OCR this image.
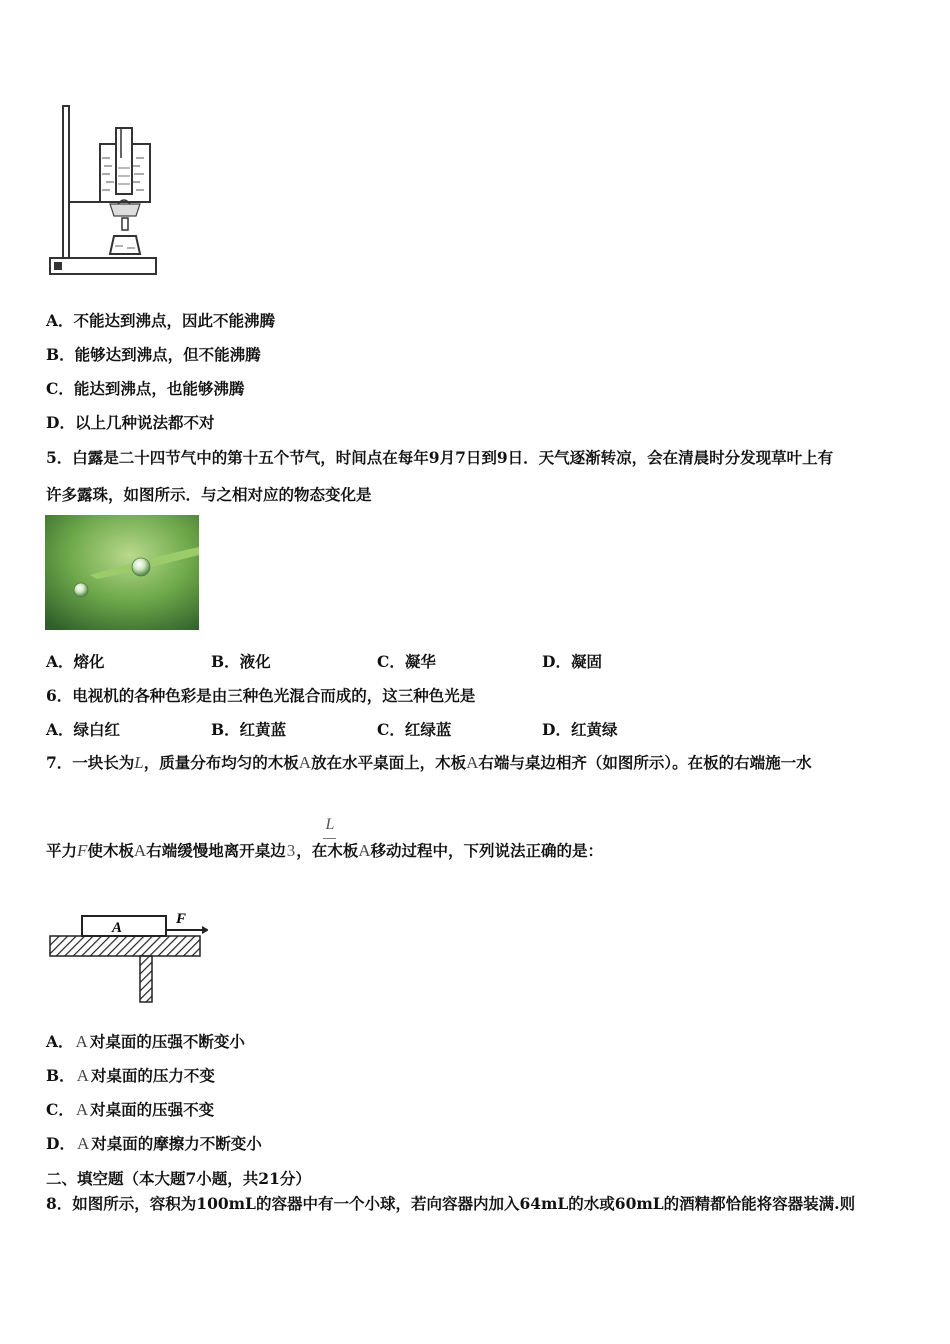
A．不能达到沸点，因此不能沸腾
B．能够达到沸点，但不能沸腾
C．能达到沸点，也能够沸腾
D．以上几种说法都不对
5．白露是二十四节气中的第十五个节气，时间点在每年9月7日到9日．天气逐渐转凉，会在清晨时分发现草叶上有
许多露珠，如图所示．与之相对应的物态变化是
A．熔化	B．液化	C．凝华	D．凝固
6．电视机的各种色彩是由三种色光混合而成的，这三种色光是
A．绿白红	B．红黄蓝	C．红绿蓝	D．红黄绿
7．一块长为L，质量分布均匀的木板A放在水平桌面上，木板A右端与桌边相齐（如图所示）。在板的右端施一水
L
平力F使木板A右端缓慢地离开桌边3，在木板A移动过程中，下列说法正确的是：
A
F
A． A 对桌面的压强不断变小
B． A 对桌面的压力不变
C． A 对桌面的压强不变
D． A 对桌面的摩擦力不断变小
二、填空题（本大题7小题，共21分）
8．如图所示，容积为100mL的容器中有一个小球，若向容器内加入64mL的水或60mL的酒精都恰能将容器装满.则
